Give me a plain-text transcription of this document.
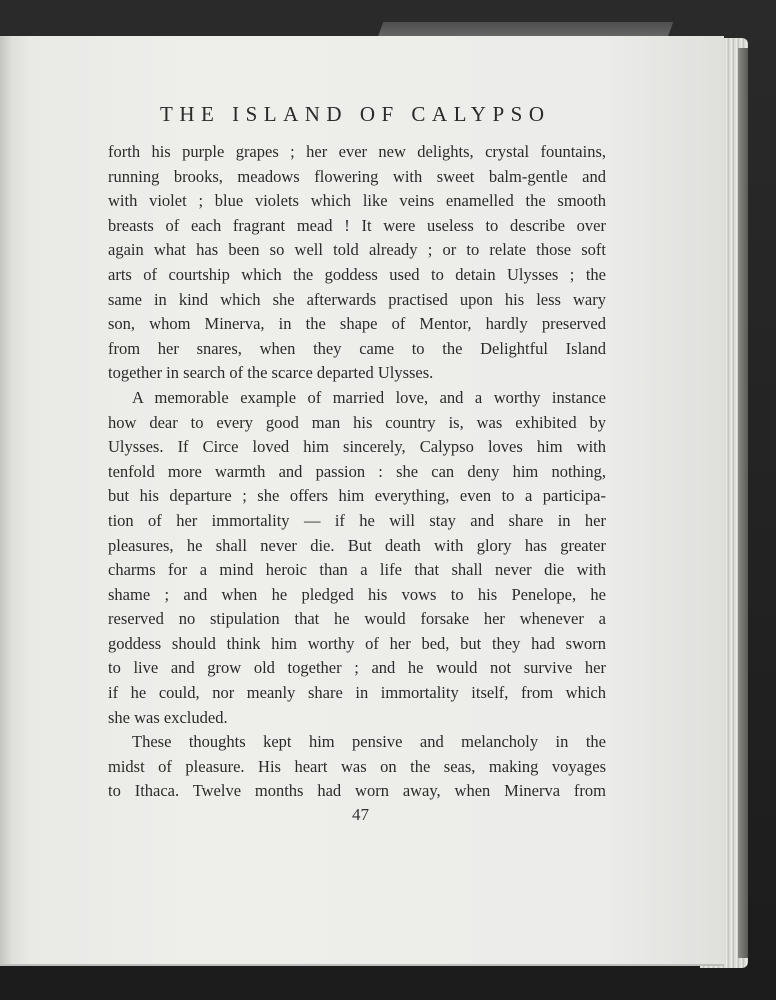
THE ISLAND OF CALYPSO
forth his purple grapes ; her ever new delights, crystal fountains,
running brooks, meadows flowering with sweet balm-gentle and
with violet ; blue violets which like veins enamelled the smooth
breasts of each fragrant mead ! It were useless to describe over
again what has been so well told already ; or to relate those soft
arts of courtship which the goddess used to detain Ulysses ; the
same in kind which she afterwards practised upon his less wary
son, whom Minerva, in the shape of Mentor, hardly preserved
from her snares, when they came to the Delightful Island
together in search of the scarce departed Ulysses.
A memorable example of married love, and a worthy instance
how dear to every good man his country is, was exhibited by
Ulysses. If Circe loved him sincerely, Calypso loves him with
tenfold more warmth and passion : she can deny him nothing,
but his departure ; she offers him everything, even to a participa-
tion of her immortality — if he will stay and share in her
pleasures, he shall never die. But death with glory has greater
charms for a mind heroic than a life that shall never die with
shame ; and when he pledged his vows to his Penelope, he
reserved no stipulation that he would forsake her whenever a
goddess should think him worthy of her bed, but they had sworn
to live and grow old together ; and he would not survive her
if he could, nor meanly share in immortality itself, from which
she was excluded.
These thoughts kept him pensive and melancholy in the
midst of pleasure. His heart was on the seas, making voyages
to Ithaca. Twelve months had worn away, when Minerva from
47
